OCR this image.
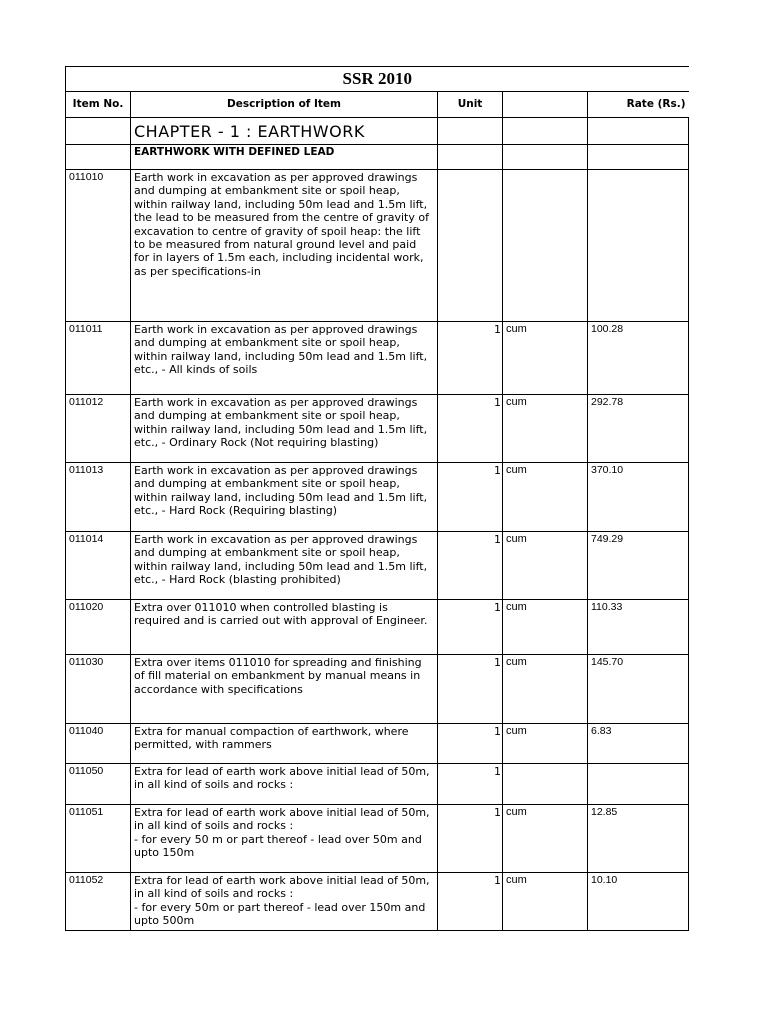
SSR 2010				
Item No.	Description of Item	Unit		Rate (Rs.)
	CHAPTER - 1 : EARTHWORK			
	EARTHWORK WITH DEFINED LEAD			
011010	Earth work in excavation as per approved drawings and dumping at embankment site or spoil heap, within railway land, including 50m lead and 1.5m lift, the lead to be measured from the centre of gravity of excavation to centre of gravity of spoil heap: the lift to be measured from natural ground level and paid for in layers of 1.5m each, including incidental work, as per specifications-in			
011011	Earth work in excavation as per approved drawings and dumping at embankment site or spoil heap, within railway land, including 50m lead and 1.5m lift, etc., - All kinds of soils	1	cum	100.28
011012	Earth work in excavation as per approved drawings and dumping at embankment site or spoil heap, within railway land, including 50m lead and 1.5m lift, etc., - Ordinary Rock (Not requiring blasting)	1	cum	292.78
011013	Earth work in excavation as per approved drawings and dumping at embankment site or spoil heap, within railway land, including 50m lead and 1.5m lift, etc., - Hard Rock (Requiring blasting)	1	cum	370.10
011014	Earth work in excavation as per approved drawings and dumping at embankment site or spoil heap, within railway land, including 50m lead and 1.5m lift, etc., - Hard Rock (blasting prohibited)	1	cum	749.29
011020	Extra over 011010 when controlled blasting is required and is carried out with approval of Engineer.	1	cum	110.33
011030	Extra over items 011010 for spreading and finishing of fill material on embankment by manual means in accordance with specifications	1	cum	145.70
011040	Extra for manual compaction of earthwork, where permitted, with rammers	1	cum	6.83
011050	Extra for lead of earth work above initial lead of 50m, in all kind of soils and rocks :	1		
011051	Extra for lead of earth work above initial lead of 50m, in all kind of soils and rocks :
- for every 50 m or part thereof - lead over 50m and upto 150m	1	cum	12.85
011052	Extra for lead of earth work above initial lead of 50m, in all kind of soils and rocks :
- for every 50m or part thereof - lead over 150m and upto 500m	1	cum	10.10
